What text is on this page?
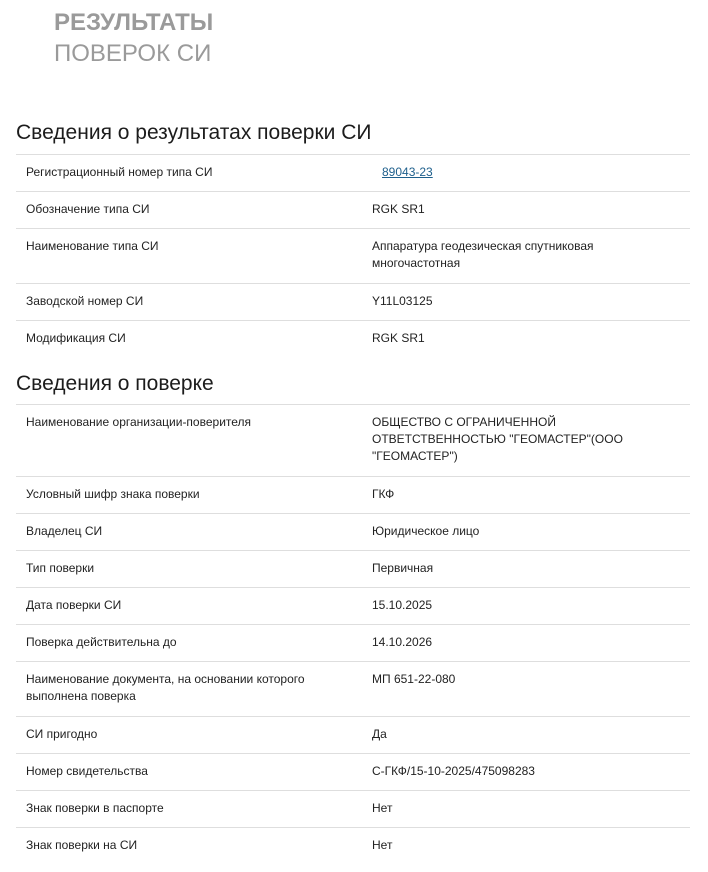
РЕЗУЛЬТАТЫ
ПОВЕРОК СИ
Сведения о результатах поверки СИ
Регистрационный номер типа СИ	89043-23
Обозначение типа СИ	RGK SR1
Наименование типа СИ	Аппаратура геодезическая спутниковая многочастотная
Заводской номер СИ	Y11L03125
Модификация СИ	RGK SR1
Сведения о поверке
Наименование организации-поверителя	ОБЩЕСТВО С ОГРАНИЧЕННОЙ ОТВЕТСТВЕННОСТЬЮ "ГЕОМАСТЕР"(ООО "ГЕОМАСТЕР")
Условный шифр знака поверки	ГКФ
Владелец СИ	Юридическое лицо
Тип поверки	Первичная
Дата поверки СИ	15.10.2025
Поверка действительна до	14.10.2026
Наименование документа, на основании которого выполнена поверка	МП 651-22-080
СИ пригодно	Да
Номер свидетельства	С-ГКФ/15-10-2025/475098283
Знак поверки в паспорте	Нет
Знак поверки на СИ	Нет
